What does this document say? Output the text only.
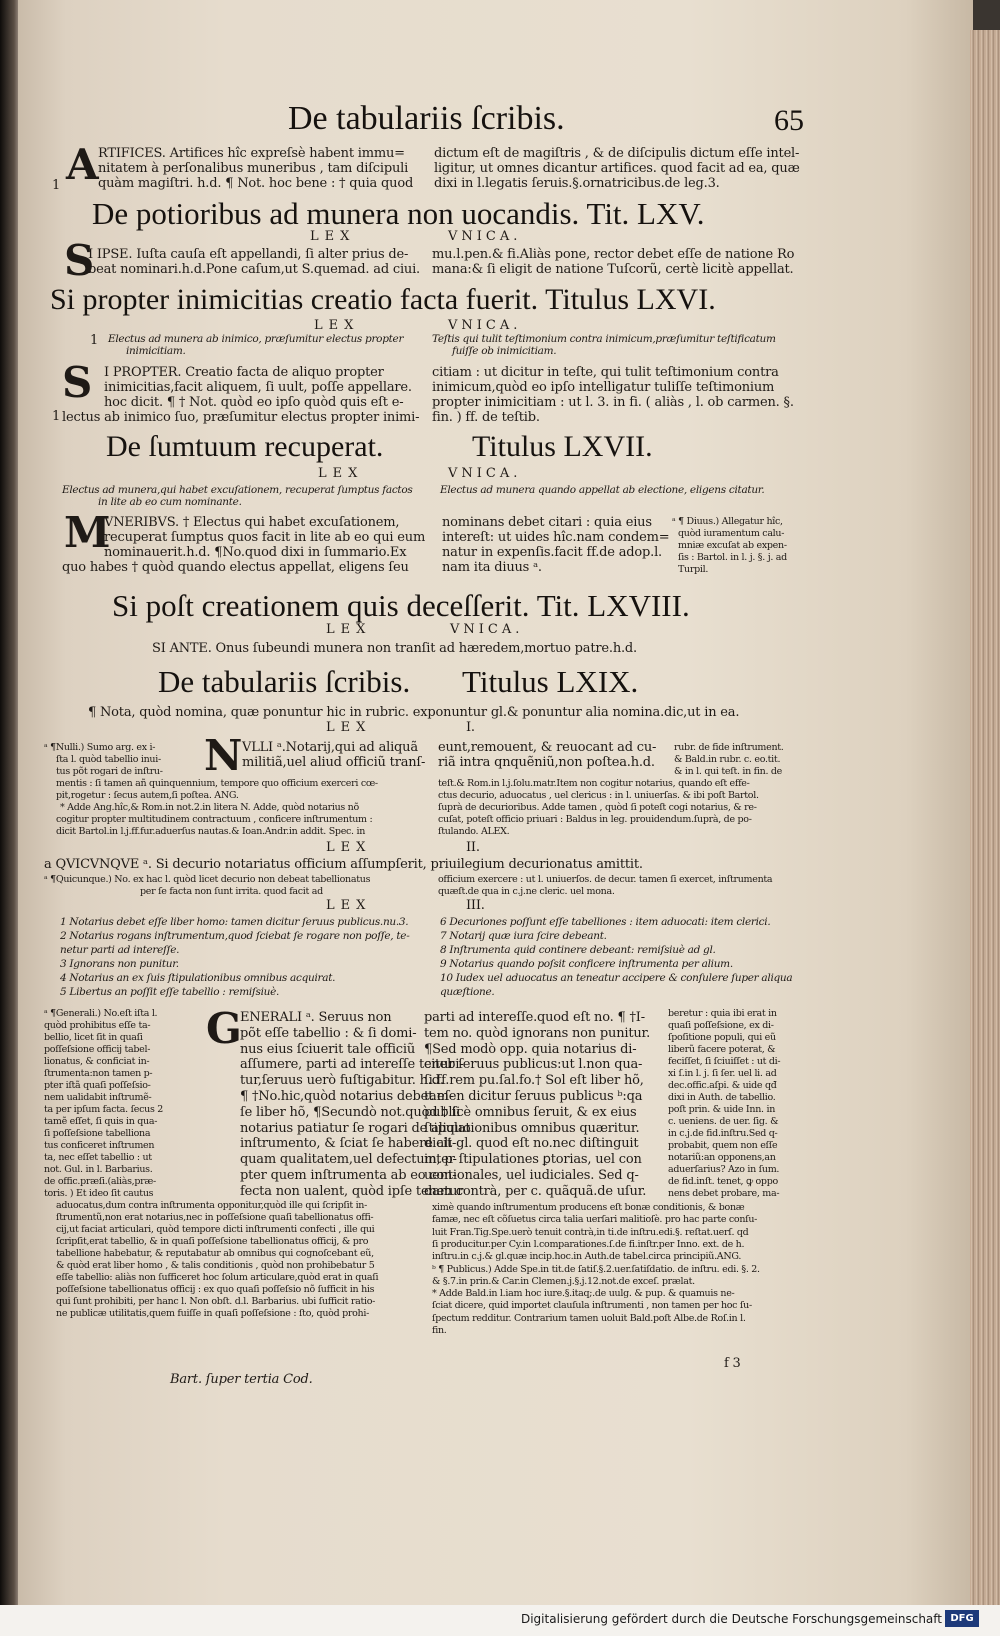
De tabulariis ſcribis.	65
A
1
RTIFICES. Artifices hîc expreſsè habent immu=
nitatem à perſonalibus muneribus , tam diſcipuli
quàm magiſtri. h.d. ¶ Not. hoc bene : † quia quod
dictum eſt de magiſtris , & de diſcipulis dictum eſſe intel-
ligitur, ut omnes dicantur artifices. quod facit ad ea, quæ
dixi in l.legatis ſeruis.§.ornatricibus.de leg.3.
De potioribus ad munera non uocandis. Tit. LXV.
LEX	VNICA.
S
I IPSE. Iuſta cauſa eſt appellandi, ſi alter prius de-
beat nominari.h.d.Pone caſum,ut S.quemad. ad ciui.
mu.l.pen.& fi.Aliàs pone, rector debet eſſe de natione Ro
mana:& ſi eligit de natione Tuſcorũ, certè licitè appellat.
Si propter inimicitias creatio facta fuerit. Titulus LXVI.
LEX	VNICA.
1 Electus ad munera ab inimico, præſumitur electus propter
inimicitiam.
Teſtis qui tulit teſtimonium contra inimicum,præſumitur teſtificatum
fuiſſe ob inimicitiam.
S
1
I PROPTER. Creatio facta de aliquo propter
inimicitias,facit aliquem, ſi uult, poſſe appellare.
hoc dicit. ¶ † Not. quòd eo ipſo quòd quis eſt e-
lectus ab inimico ſuo, præſumitur electus propter inimi-
citiam : ut dicitur in teſte, qui tulit teſtimonium contra
inimicum,quòd eo ipſo intelligatur tuliſſe teſtimonium
propter inimicitiam : ut l. 3. in fi. ( aliàs , l. ob carmen. §.
fin. ) ff. de teſtib.
De ſumtuum recuperat.	Titulus LXVII.
LEX	VNICA.
Electus ad munera,qui habet excuſationem, recuperat ſumptus factos
in lite ab eo cum nominante.
Electus ad munera quando appellat ab electione, eligens citatur.
M
VNERIBVS. † Electus qui habet excuſationem,
recuperat ſumptus quos facit in lite ab eo qui eum
nominauerit.h.d. ¶No.quod dixi in ſummario.Ex
quo habes † quòd quando electus appellat, eligens ſeu
nominans debet citari : quia eius
intereſt: ut uides hîc.nam condem=
natur in expenſis.facit ff.de adop.l.
nam ita diuus ᵃ.
ᵃ ¶ Diuus.) Allegatur hîc,
quòd iuramentum calu-
mniæ excuſat ab expen-
ſis : Bartol. in l. j. §. j. ad
Turpil.
Si poſt creationem quis deceſſerit. Tit. LXVIII.
LEX	VNICA.
SI ANTE. Onus ſubeundi munera non tranſit ad hæredem,mortuo patre.h.d.
De tabulariis ſcribis. Titulus LXIX.
¶ Nota, quòd nomina, quæ ponuntur hic in rubric. exponuntur gl.& ponuntur alia nomina.dic,ut in ea.
LEX	I.
ᵃ ¶Nulli.) Sumo arg. ex i-
ſta l. quòd tabellio inui-
tus põt rogari de inſtru-
mentis : ſi tamen añ quinquennium, tempore quo officium exerceri cœ-
pit,rogetur : ſecus autem,ſi poſtea. ANG.
* Adde Ang.hîc,& Rom.in not.2.in litera N. Adde, quòd notarius nõ
cogitur propter multitudinem contractuum , conficere inſtrumentum :
dicit Bartol.in l.j.ff.fur.aduerſus nautas.& Ioan.Andr.in addit. Spec. in
N VLLI ᵃ.Notarij,qui ad aliquã
militiã,uel aliud officiũ tranſ-
eunt,remouent, & reuocant ad cu-
riã intra qnquẽniũ,non poſtea.h.d.
rubr. de fide inſtrument.
& Bald.in rubr. c. eo.tit.
& in l. qui teſt. in fin. de
teſt.& Rom.in l.j.ſolu.matr.Item non cogitur notarius, quando eſt effe-
ctus decurio, aduocatus , uel clericus : in l. uniuerſas. & ibi poſt Bartol.
ſuprà de decurioribus. Adde tamen , quòd ſi poteſt cogi notarius, & re-
cuſat, poteſt officio priuari : Baldus in leg. prouidendum.ſuprà, de po-
ſtulando. ALEX.
LEX	II.
a QVICVNQVE ᵃ. Si decurio notariatus officium aſſumpſerit, priuilegium decurionatus amittit.
ᵃ ¶Quicunque.) No. ex hac l. quòd licet decurio non debeat tabellionatus
per ſe facta non ſunt irrita. quod facit ad
officium exercere : ut l. uniuerſos. de decur. tamen ſi exercet, inſtrumenta
quæſt.de qua in c.j.ne cleric. uel mona.
LEX	III.
1 Notarius debet eſſe liber homo: tamen dicitur ſeruus publicus.nu.3.
2 Notarius rogans inſtrumentum,quod ſciebat ſe rogare non poſſe, te-
netur parti ad intereſſe.
3 Ignorans non punitur.
4 Notarius an ex ſuis ſtipulationibus omnibus acquirat.
5 Libertus an poſſit eſſe tabellio : remiſsiuè.
6 Decuriones poſſunt eſſe tabelliones : item aduocati: item clerici.
7 Notarij quæ iura ſcire debeant.
8 Inſtrumenta quid continere debeant: remiſsiuè ad gl.
9 Notarius quando poſsit conficere inſtrumenta per alium.
10 Iudex uel aduocatus an teneatur accipere & conſulere ſuper aliqua
quæſtione.
ᵃ ¶Generali.) No.eſt iſta l.
quòd prohibitus eſſe ta-
bellio, licet ſit in quaſi
poſſeſsione officij tabel-
lionatus, & conficiat in-
ſtrumenta:non tamen p-
pter iſtã quaſi poſſeſsio-
nem ualidabit inſtrumẽ-
ta per ipſum facta. ſecus 2
tamẽ eſſet, ſi quis in qua-
ſi poſſeſsione tabelliona
tus conficeret inſtrumen
ta, nec eſſet tabellio : ut
not. Gul. in l. Barbarius.
de offic.præſi.(aliàs,præ-
toris. ) Et ideo ſit cautus
aduocatus,dum contra inſtrumenta opponitur,quòd ille qui ſcripſit in-
ſtrumentũ,non erat notarius,nec in poſſeſsione quaſi tabellionatus offi-
cij,ut faciat articulari, quòd tempore dicti inſtrumenti confecti , ille qui
ſcripſit,erat tabellio, & in quaſi poſſeſsione tabellionatus officij, & pro
tabellione habebatur, & reputabatur ab omnibus qui cognoſcebant eũ,
& quòd erat liber homo , & talis conditionis , quòd non prohibebatur 5
eſſe tabellio: aliàs non ſufficeret hoc ſolum articulare,quòd erat in quaſi
poſſeſsione tabellionatus officij : ex quo quaſi poſſeſsio nõ ſufficit in his
qui ſunt prohibiti, per hanc l. Non obſt. d.l. Barbarius. ubi ſufficit ratio-
ne publicæ utilitatis,quem fuiſſe in quaſi poſſeſsione : ſto, quòd prohi-
G
ENERALI ᵃ. Seruus non
põt eſſe tabellio : & ſi domi-
nus eius ſciuerit tale officiũ
aſſumere, parti ad intereſſe tenebi-
tur,ſeruus uerò fuſtigabitur. h.d.
¶ †No.hic,quòd notarius debet eſ-
ſe liber hõ, ¶Secundò not.quòd † ſi
notarius patiatur ſe rogari de aliquo
inſtrumento, & ſciat ſe habere ali-
quam qualitatem,uel defectum, p-
pter quem inſtrumenta ab eo con-
fecta non ualent, quòd ipſe tenetur
parti ad intereſſe.quod eſt no. ¶ †I-
tem no. quòd ignorans non punitur.
¶Sed modò opp. quia notarius di-
citur ſeruus publicus:ut l.non qua-
ſi.ff.rem pu.ſal.fo.† Sol eſt liber hõ,
tamen dicitur ſeruus publicus ᵇ:qa
publicè omnibus ſeruit, & ex eius
ſtipulationibus omnibus quæritur.
dicit gl. quod eſt no.nec diſtinguit
inter ſtipulationes ꝑtorias, uel con
uentionales, uel iudiciales. Sed q-
dam contrà, per c. quãquã.de uſur.
beretur : quia ibi erat in
quaſi poſſeſsione, ex di-
ſpoſitione populi, qui eũ
liberũ facere poterat, &
feciſſet, ſi ſciuiſſet : ut di-
xi ſ.in l. j. ſi ſer. uel li. ad
dec.offic.aſpi. & uide qđ
dixi in Auth. de tabellio.
poſt prin. & uide Inn. in
c. ueniens. de uer. ſig. &
in c.j.de fid.inſtru.Sed q-
probabit, quem non eſſe
notariũ:an opponens,an
aduerſarius? Azo in ſum.
de fid.inſt. tenet, ꝙ oppo
nens debet probare, ma-
ximè quando inſtrumentum producens eſt bonæ conditionis, & bonæ
famæ, nec eſt cõſuetus circa talia uerſari malitioſè. pro hac parte conſu-
luit Fran.Tig.Spe.uerò tenuit contrà,in ti.de inſtru.edi.§. reſtat.uerſ. qd
ſi producitur.per Cy.in l.comparationes.ſ.de fi.inſtr.per Inno. ext. de h.
inſtru.in c.j.& gl.quæ incip.hoc.in Auth.de tabel.circa principiũ.ANG.
ᵇ ¶ Publicus.) Adde Spe.in tit.de ſatiſ.§.2.uer.ſatiſdatio. de inſtru. edi. §. 2.
& §.7.in prin.& Car.in Clemen.j.§.j.12.not.de exceſ. prælat.
* Adde Bald.in l.iam hoc iure.§.itaq;.de uulg. & pup. & quamuis ne-
ſciat dicere, quid importet clauſula inſtrumenti , non tamen per hoc ſu-
ſpectum redditur. Contrarium tamen uoluit Bald.poſt Albe.de Roſ.in l.
fin.
f 3
Bart. ſuper tertia Cod.
Digitalisierung gefördert durch die Deutsche Forschungsgemeinschaft DFG
